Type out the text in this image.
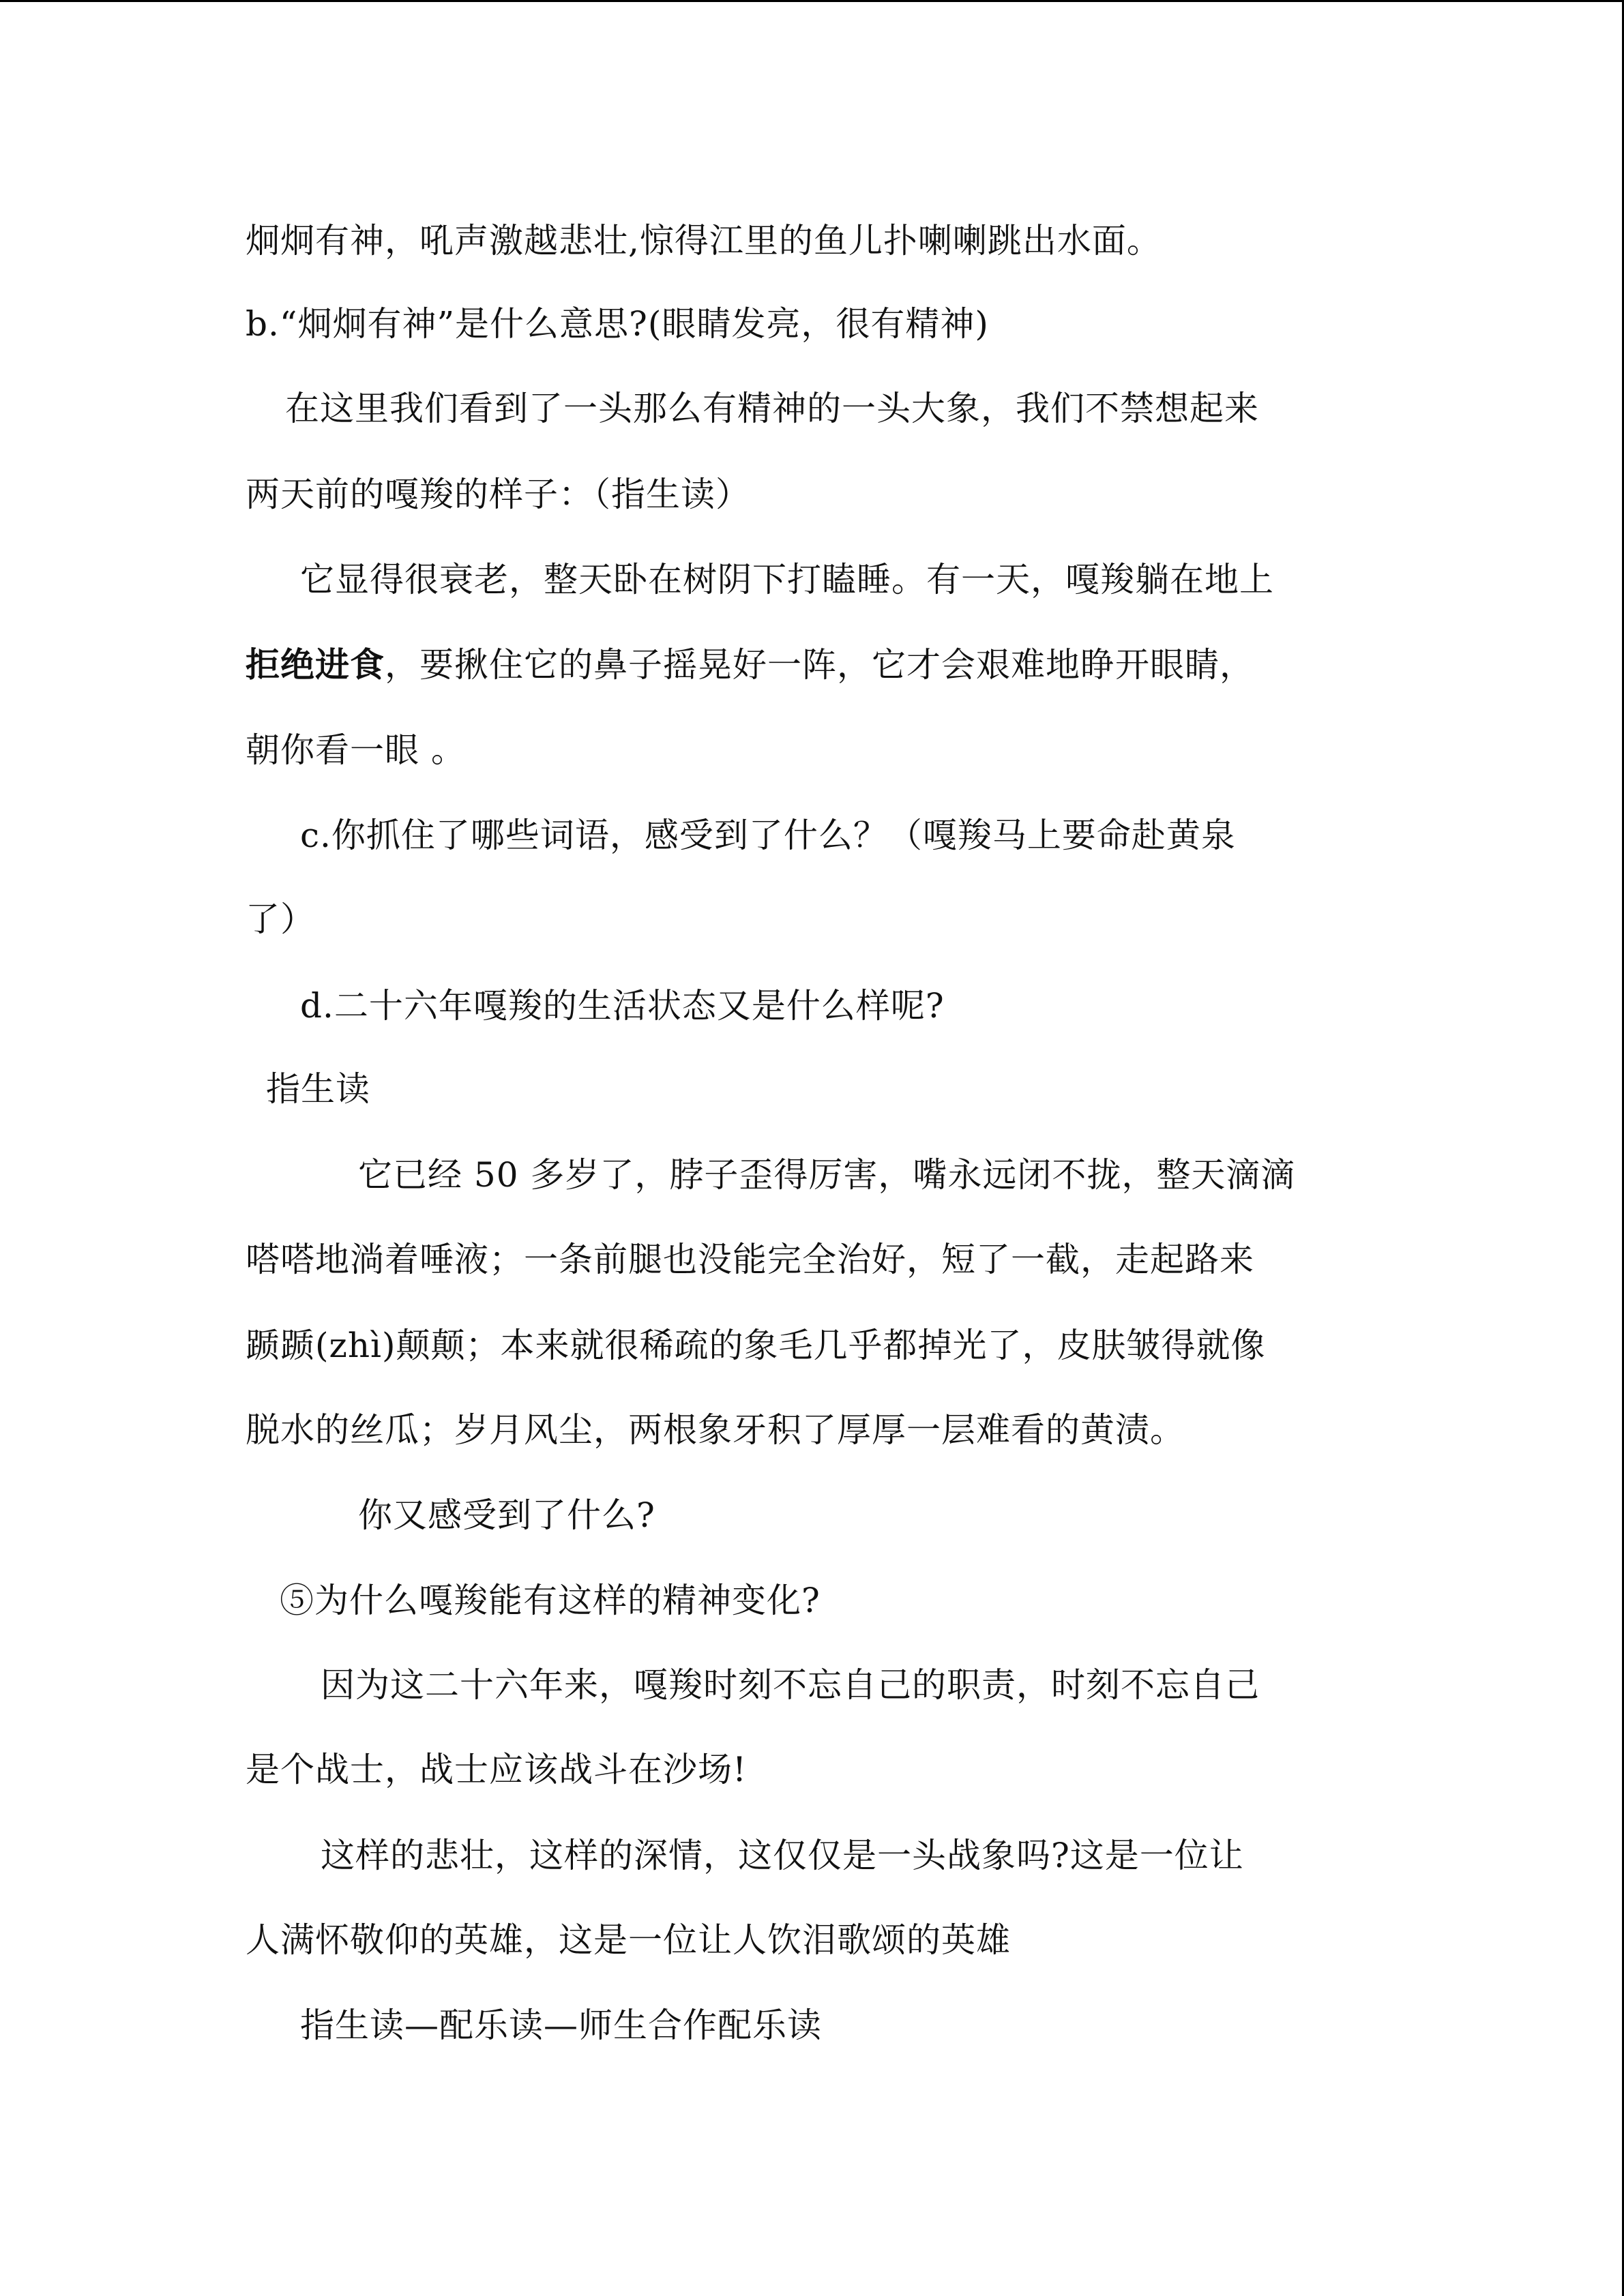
炯炯有神，吼声激越悲壮,惊得江里的鱼儿扑喇喇跳出水面。
b.“炯炯有神”是什么意思?(眼睛发亮，很有精神)
在这里我们看到了一头那么有精神的一头大象，我们不禁想起来
两天前的嘎羧的样子：（指生读）
它显得很衰老，整天卧在树阴下打瞌睡。有一天，嘎羧躺在地上
拒绝进食，要揪住它的鼻子摇晃好一阵，它才会艰难地睁开眼睛，
朝你看一眼 。
c.你抓住了哪些词语，感受到了什么？（嘎羧马上要命赴黄泉
了）
d.二十六年嘎羧的生活状态又是什么样呢?
指生读
它已经 50 多岁了，脖子歪得厉害，嘴永远闭不拢，整天滴滴
嗒嗒地淌着唾液；一条前腿也没能完全治好，短了一截，走起路来
踬踬(zhì)颠颠；本来就很稀疏的象毛几乎都掉光了，皮肤皱得就像
脱水的丝瓜；岁月风尘，两根象牙积了厚厚一层难看的黄渍。
你又感受到了什么?
⑤为什么嘎羧能有这样的精神变化?
因为这二十六年来，嘎羧时刻不忘自己的职责，时刻不忘自己
是个战士，战士应该战斗在沙场!
这样的悲壮，这样的深情，这仅仅是一头战象吗?这是一位让
人满怀敬仰的英雄，这是一位让人饮泪歌颂的英雄
指生读—配乐读—师生合作配乐读
